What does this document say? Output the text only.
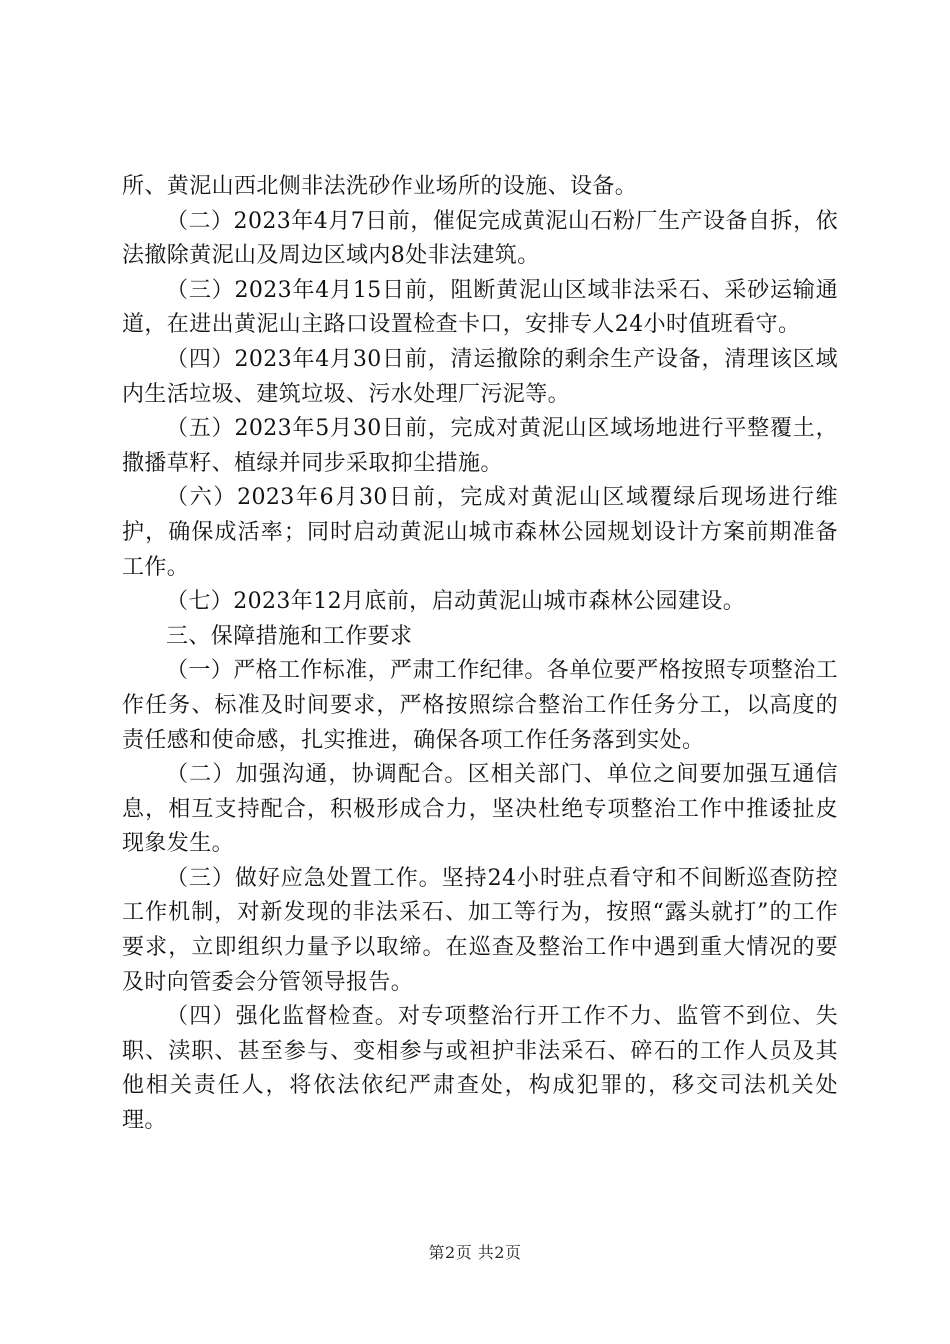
所、黄泥山西北侧非法洗砂作业场所的设施、设备。

（二）2023年4月7日前，催促完成黄泥山石粉厂生产设备自拆，依法撤除黄泥山及周边区域内8处非法建筑。

（三）2023年4月15日前，阻断黄泥山区域非法采石、采砂运输通道，在进出黄泥山主路口设置检查卡口，安排专人24小时值班看守。

（四）2023年4月30日前，清运撤除的剩余生产设备，清理该区域内生活垃圾、建筑垃圾、污水处理厂污泥等。

（五）2023年5月30日前，完成对黄泥山区域场地进行平整覆土，撒播草籽、植绿并同步采取抑尘措施。

（六）2023年6月30日前，完成对黄泥山区域覆绿后现场进行维护，确保成活率；同时启动黄泥山城市森林公园规划设计方案前期准备工作。

（七）2023年12月底前，启动黄泥山城市森林公园建设。

三、保障措施和工作要求

（一）严格工作标准，严肃工作纪律。各单位要严格按照专项整治工作任务、标准及时间要求，严格按照综合整治工作任务分工，以高度的责任感和使命感，扎实推进，确保各项工作任务落到实处。

（二）加强沟通，协调配合。区相关部门、单位之间要加强互通信息，相互支持配合，积极形成合力，坚决杜绝专项整治工作中推诿扯皮现象发生。

（三）做好应急处置工作。坚持24小时驻点看守和不间断巡查防控工作机制，对新发现的非法采石、加工等行为，按照“露头就打”的工作要求，立即组织力量予以取缔。在巡查及整治工作中遇到重大情况的要及时向管委会分管领导报告。

（四）强化监督检查。对专项整治行开工作不力、监管不到位、失职、渎职、甚至参与、变相参与或袒护非法采石、碎石的工作人员及其他相关责任人，将依法依纪严肃查处，构成犯罪的，移交司法机关处理。

第2页 共2页
